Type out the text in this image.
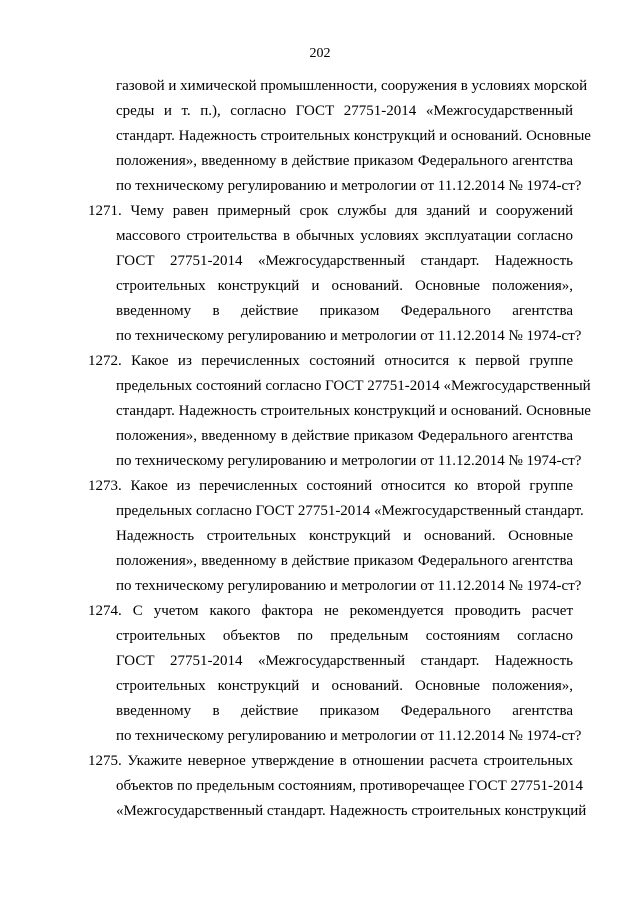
202
газовой и химической промышленности, сооружения в условиях морской
среды и т. п.), согласно ГОСТ 27751-2014 «Межгосударственный
стандарт. Надежность строительных конструкций и оснований. Основные
положения», введенному в действие приказом Федерального агентства
по техническому регулированию и метрологии от 11.12.2014 № 1974-ст?
1271. Чему равен примерный срок службы для зданий и сооружений
массового строительства в обычных условиях эксплуатации согласно
ГОСТ 27751-2014 «Межгосударственный стандарт. Надежность
строительных конструкций и оснований. Основные положения»,
введенному в действие приказом Федерального агентства
по техническому регулированию и метрологии от 11.12.2014 № 1974-ст?
1272. Какое из перечисленных состояний относится к первой группе
предельных состояний согласно ГОСТ 27751-2014 «Межгосударственный
стандарт. Надежность строительных конструкций и оснований. Основные
положения», введенному в действие приказом Федерального агентства
по техническому регулированию и метрологии от 11.12.2014 № 1974-ст?
1273. Какое из перечисленных состояний относится ко второй группе
предельных согласно ГОСТ 27751-2014 «Межгосударственный стандарт.
Надежность строительных конструкций и оснований. Основные
положения», введенному в действие приказом Федерального агентства
по техническому регулированию и метрологии от 11.12.2014 № 1974-ст?
1274. С учетом какого фактора не рекомендуется проводить расчет
строительных объектов по предельным состояниям согласно
ГОСТ 27751-2014 «Межгосударственный стандарт. Надежность
строительных конструкций и оснований. Основные положения»,
введенному в действие приказом Федерального агентства
по техническому регулированию и метрологии от 11.12.2014 № 1974-ст?
1275. Укажите неверное утверждение в отношении расчета строительных
объектов по предельным состояниям, противоречащее ГОСТ 27751-2014
«Межгосударственный стандарт. Надежность строительных конструкций
